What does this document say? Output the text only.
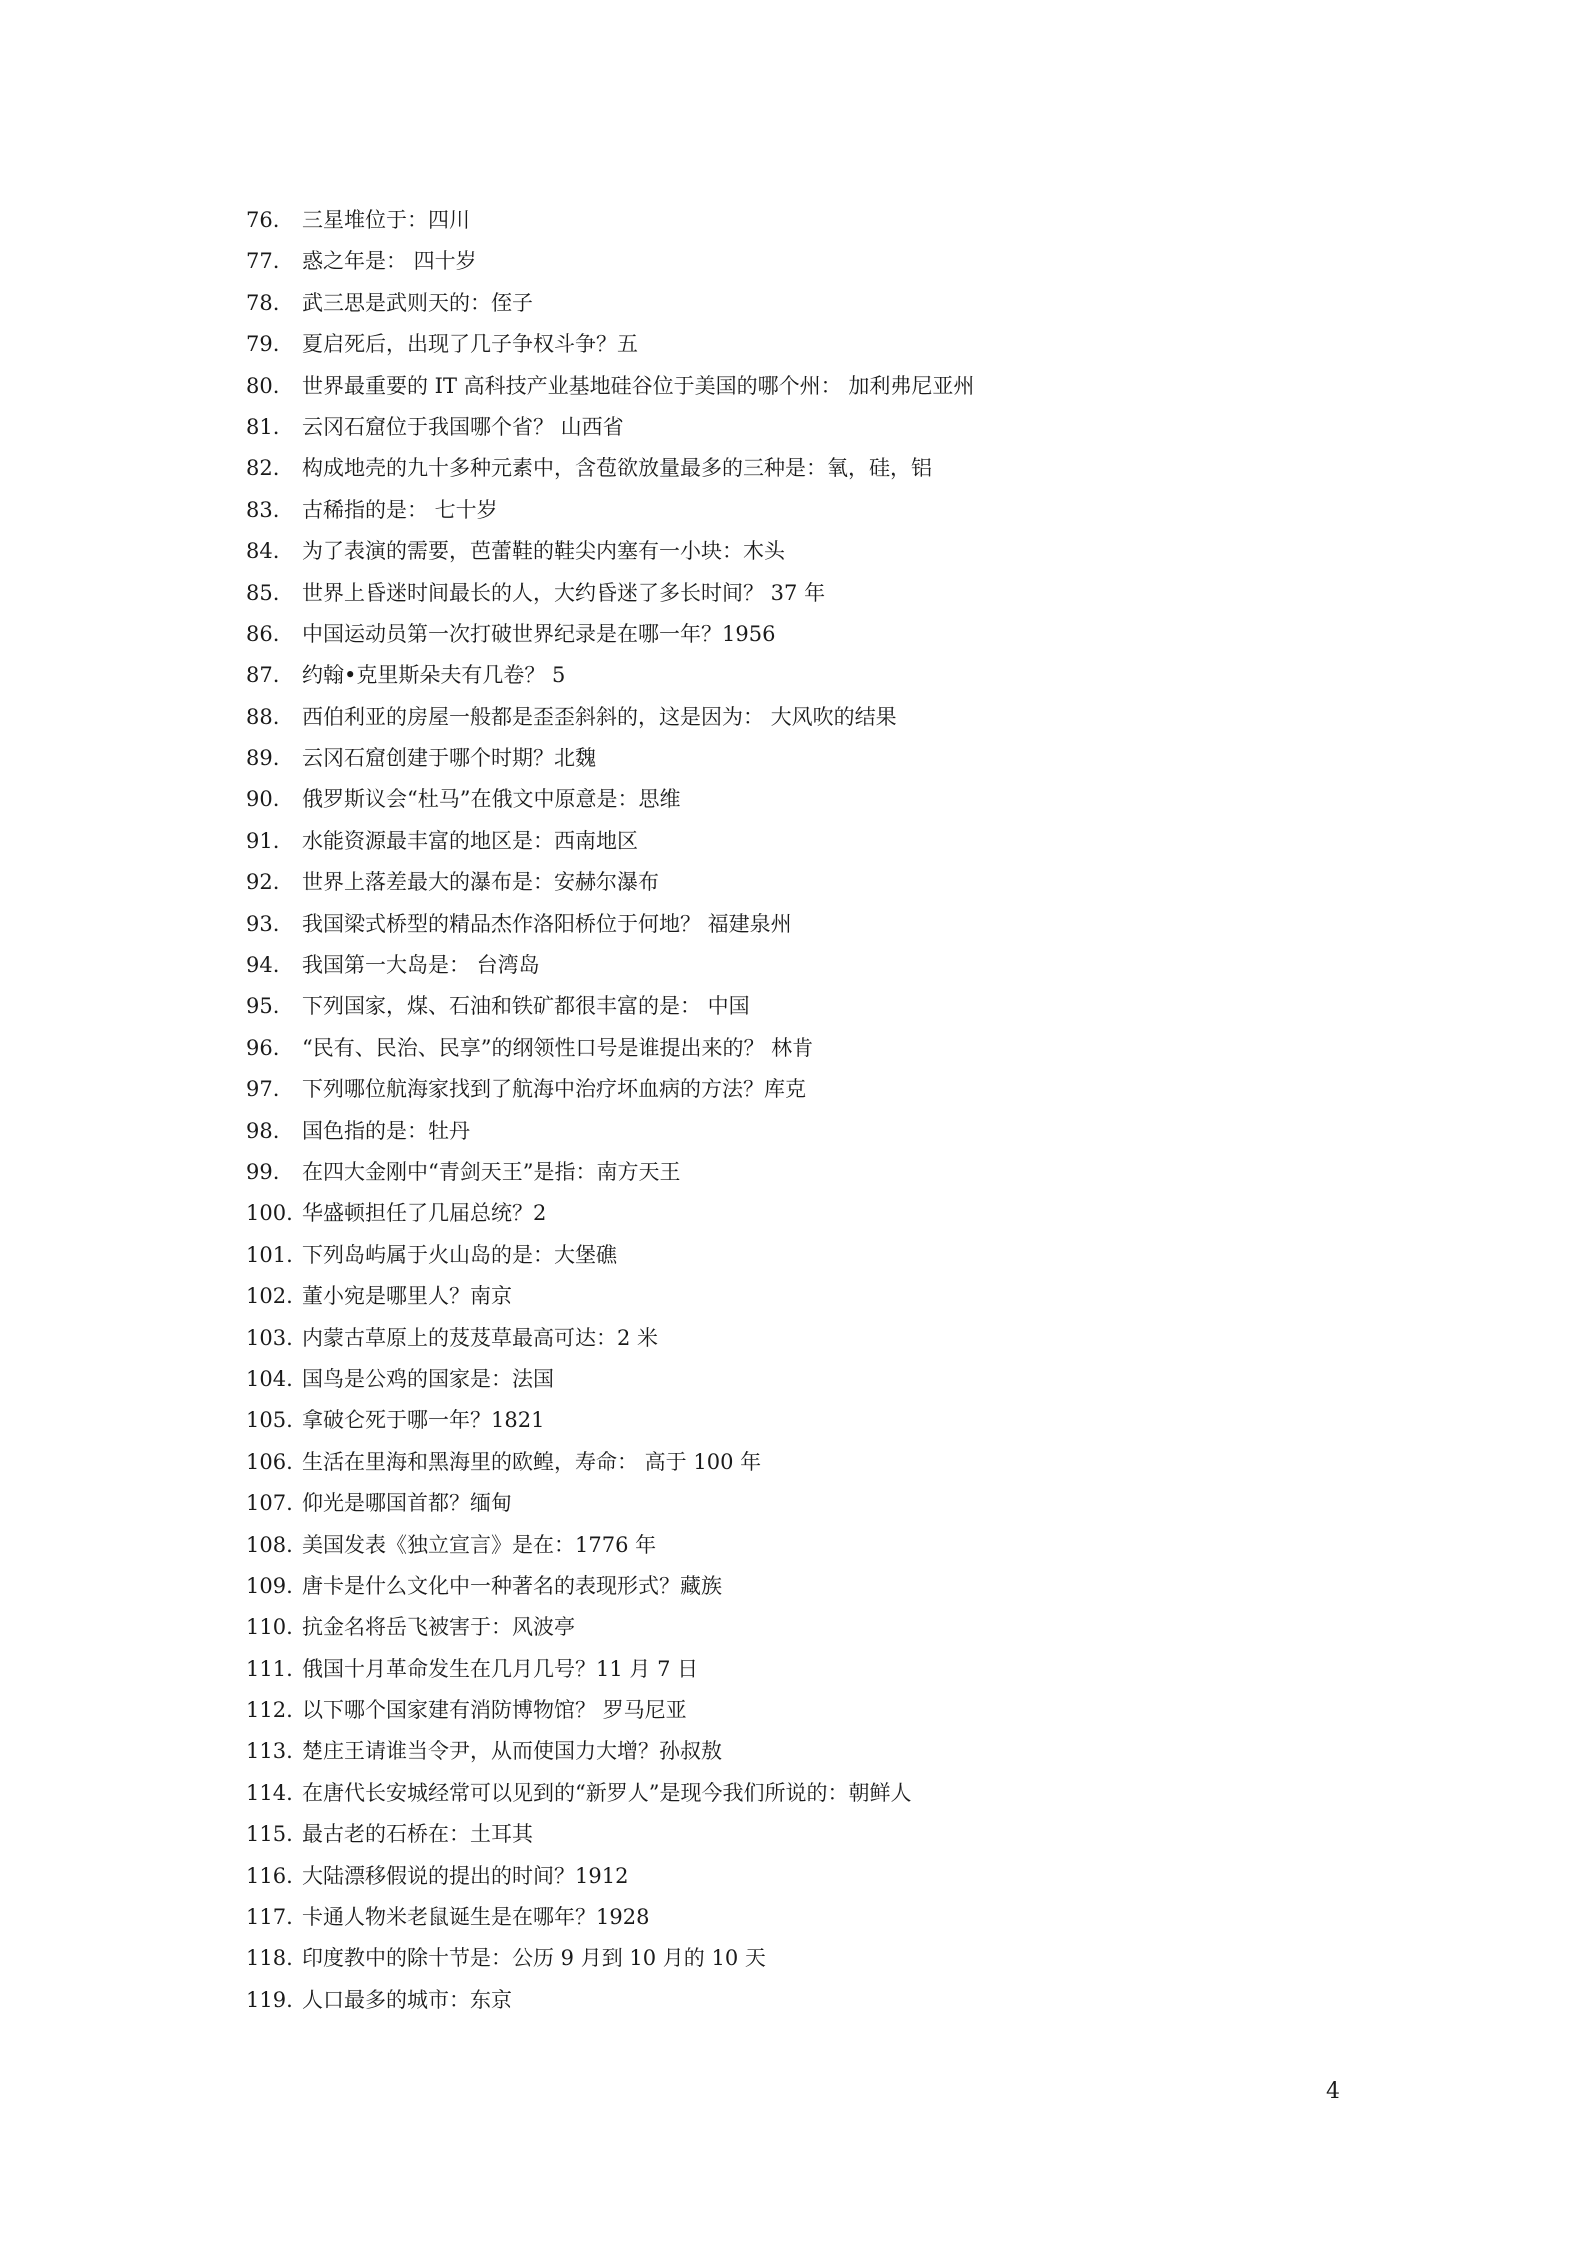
76.	三星堆位于：四川
77.	惑之年是： 四十岁
78.	武三思是武则天的：侄子
79.	夏启死后，出现了几子争权斗争？五
80.	世界最重要的 IT 高科技产业基地硅谷位于美国的哪个州： 加利弗尼亚州
81.	云冈石窟位于我国哪个省？ 山西省
82.	构成地壳的九十多种元素中，含苞欲放量最多的三种是：氧，硅，铝
83.	古稀指的是： 七十岁
84.	为了表演的需要，芭蕾鞋的鞋尖内塞有一小块：木头
85.	世界上昏迷时间最长的人，大约昏迷了多长时间？ 37 年
86.	中国运动员第一次打破世界纪录是在哪一年？1956
87.	约翰•克里斯朵夫有几卷？ 5
88.	西伯利亚的房屋一般都是歪歪斜斜的，这是因为： 大风吹的结果
89.	云冈石窟创建于哪个时期？北魏
90.	俄罗斯议会“杜马”在俄文中原意是：思维
91.	水能资源最丰富的地区是：西南地区
92.	世界上落差最大的瀑布是：安赫尔瀑布
93.	我国梁式桥型的精品杰作洛阳桥位于何地？ 福建泉州
94.	我国第一大岛是： 台湾岛
95.	下列国家，煤、石油和铁矿都很丰富的是： 中国
96.	“民有、民治、民享”的纲领性口号是谁提出来的？ 林肯
97.	下列哪位航海家找到了航海中治疗坏血病的方法？库克
98.	国色指的是：牡丹
99.	在四大金刚中“青剑天王”是指：南方天王
100. 华盛顿担任了几届总统？2
101. 下列岛屿属于火山岛的是：大堡礁
102. 董小宛是哪里人？南京
103. 内蒙古草原上的芨芨草最高可达：2 米
104. 国鸟是公鸡的国家是：法国
105. 拿破仑死于哪一年？1821
106. 生活在里海和黑海里的欧鳇，寿命： 高于 100 年
107. 仰光是哪国首都？缅甸
108. 美国发表《独立宣言》是在：1776 年
109. 唐卡是什么文化中一种著名的表现形式？藏族
110. 抗金名将岳飞被害于：风波亭
111. 俄国十月革命发生在几月几号？11 月 7 日
112. 以下哪个国家建有消防博物馆？ 罗马尼亚
113. 楚庄王请谁当令尹，从而使国力大增？孙叔敖
114. 在唐代长安城经常可以见到的“新罗人”是现今我们所说的：朝鲜人
115. 最古老的石桥在：土耳其
116. 大陆漂移假说的提出的时间？1912
117. 卡通人物米老鼠诞生是在哪年？1928
118. 印度教中的除十节是：公历 9 月到 10 月的 10 天
119. 人口最多的城市：东京
4
